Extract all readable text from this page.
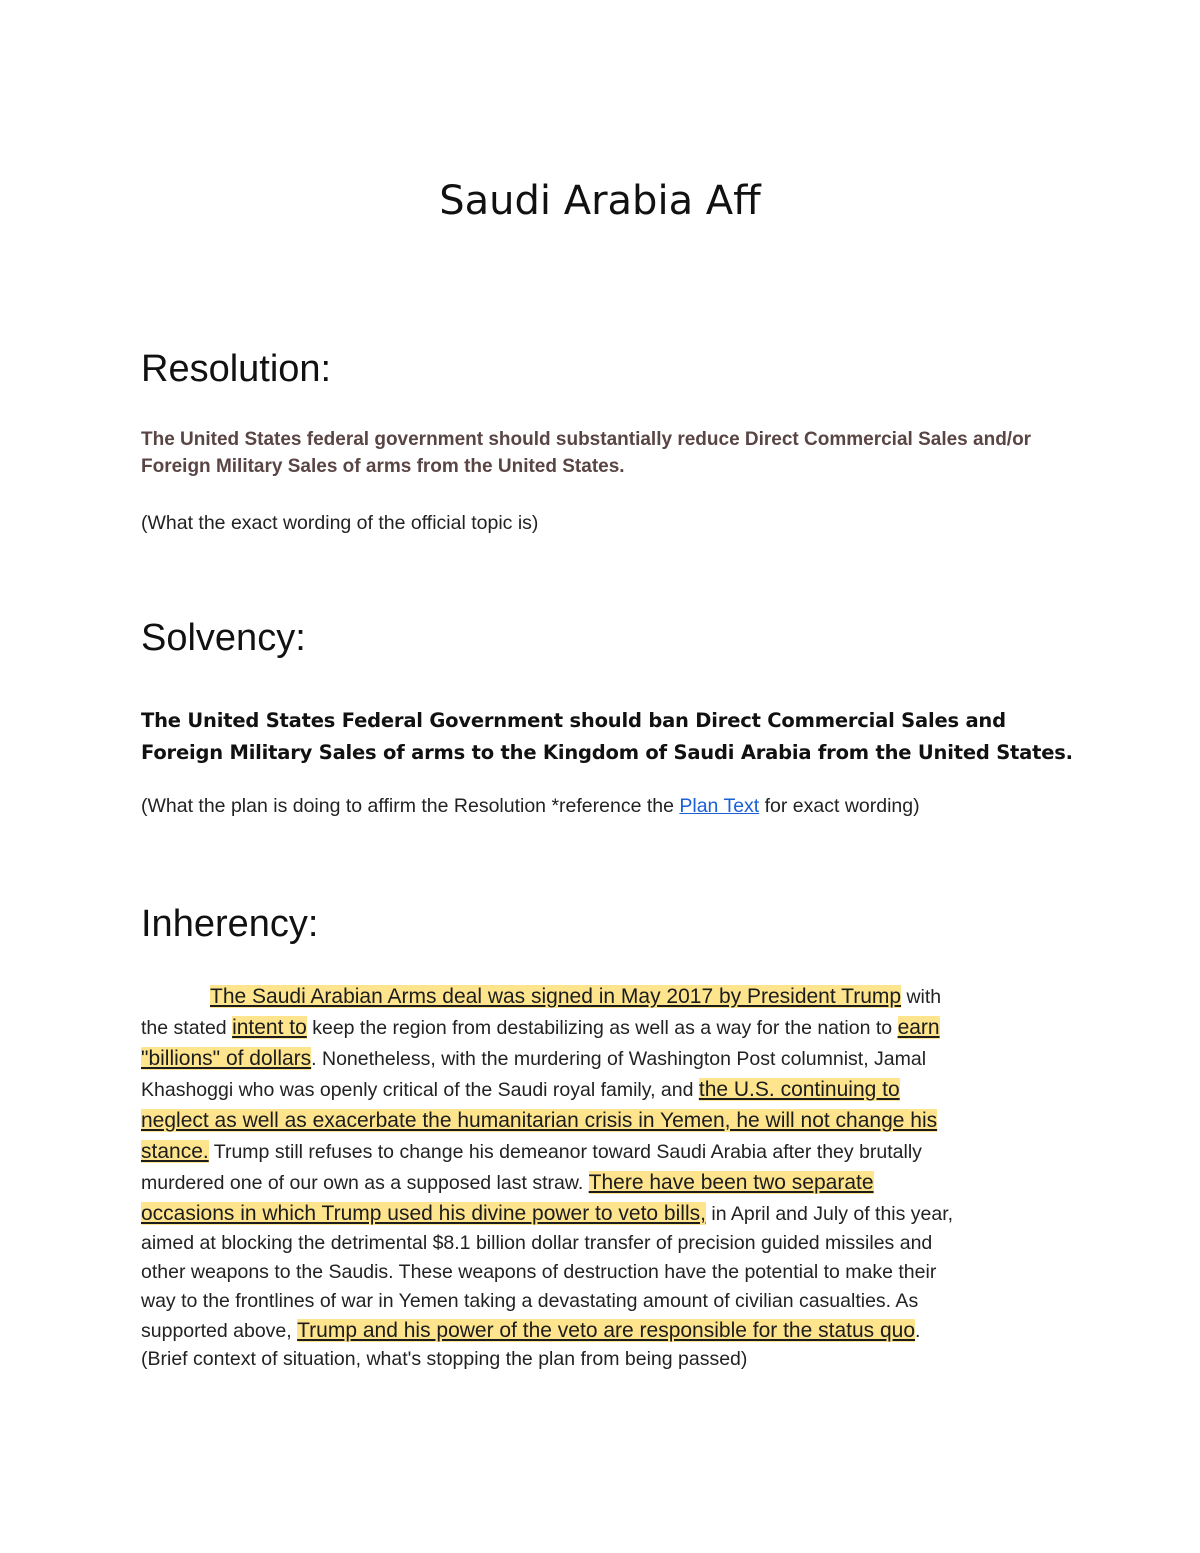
Saudi Arabia Aff
Resolution:

The United States federal government should substantially reduce Direct Commercial Sales and/or Foreign Military Sales of arms from the United States.

(What the exact wording of the official topic is)

Solvency:

The United States Federal Government should ban Direct Commercial Sales and Foreign Military Sales of arms to the Kingdom of Saudi Arabia from the United States.

(What the plan is doing to affirm the Resolution *reference the Plan Text for exact wording)

Inherency:
The Saudi Arabian Arms deal was signed in May 2017 by President Trump with
the stated intent to keep the region from destabilizing as well as a way for the nation to earn
"billions" of dollars. Nonetheless, with the murdering of Washington Post columnist, Jamal
Khashoggi who was openly critical of the Saudi royal family, and the U.S. continuing to
neglect as well as exacerbate the humanitarian crisis in Yemen, he will not change his
stance. Trump still refuses to change his demeanor toward Saudi Arabia after they brutally
murdered one of our own as a supposed last straw. There have been two separate
occasions in which Trump used his divine power to veto bills, in April and July of this year,
aimed at blocking the detrimental $8.1 billion dollar transfer of precision guided missiles and
other weapons to the Saudis. These weapons of destruction have the potential to make their
way to the frontlines of war in Yemen taking a devastating amount of civilian casualties. As
supported above, Trump and his power of the veto are responsible for the status quo.
(Brief context of situation, what's stopping the plan from being passed)
